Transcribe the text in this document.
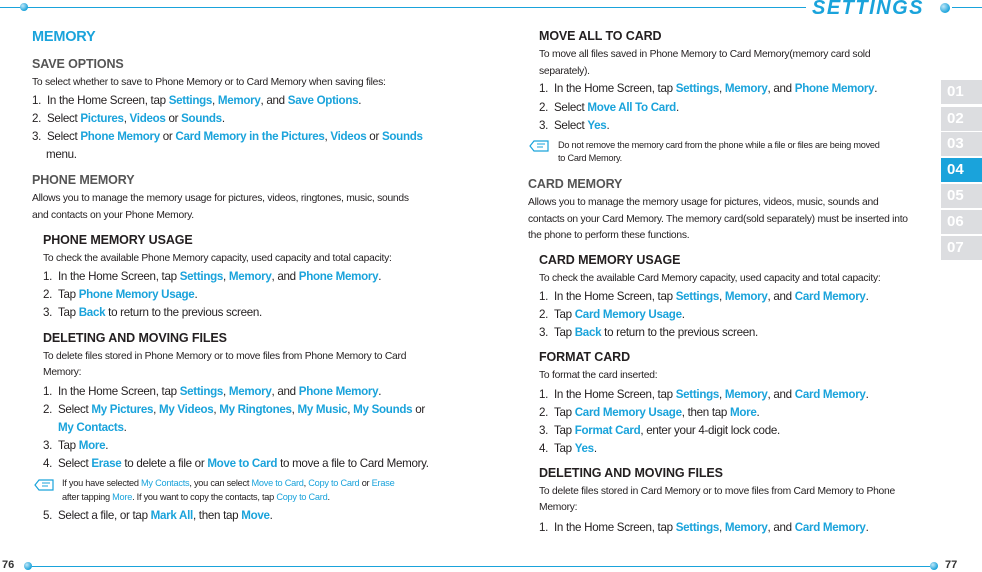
SETTINGS
01
02
03
04
05
06
07
76	77
MEMORY
SAVE OPTIONS
To select whether to save to Phone Memory or to Card Memory when saving files:
1. In the Home Screen, tap Settings, Memory, and Save Options.
2. Select Pictures, Videos or Sounds.
3. Select Phone Memory or Card Memory in the Pictures, Videos or Sounds
menu.
PHONE MEMORY
Allows you to manage the memory usage for pictures, videos, ringtones, music, sounds
and contacts on your Phone Memory.
PHONE MEMORY USAGE
To check the available Phone Memory capacity, used capacity and total capacity:
1. In the Home Screen, tap Settings, Memory, and Phone Memory.
2. Tap Phone Memory Usage.
3. Tap Back to return to the previous screen.
DELETING AND MOVING FILES
To delete files stored in Phone Memory or to move files from Phone Memory to Card
Memory:
1. In the Home Screen, tap Settings, Memory, and Phone Memory.
2. Select My Pictures, My Videos, My Ringtones, My Music, My Sounds or
My Contacts.
3. Tap More.
4. Select Erase to delete a file or Move to Card to move a file to Card Memory.
If you have selected My Contacts, you can select Move to Card, Copy to Card or Erase
after tapping More. If you want to copy the contacts, tap Copy to Card.
5. Select a file, or tap Mark All, then tap Move.
MOVE ALL TO CARD
To move all files saved in Phone Memory to Card Memory(memory card sold
separately).
1. In the Home Screen, tap Settings, Memory, and Phone Memory.
2. Select Move All To Card.
3. Select Yes.
Do not remove the memory card from the phone while a file or files are being moved
to Card Memory.
CARD MEMORY
Allows you to manage the memory usage for pictures, videos, music, sounds and
contacts on your Card Memory. The memory card(sold separately) must be inserted into
the phone to perform these functions.
CARD MEMORY USAGE
To check the available Card Memory capacity, used capacity and total capacity:
1. In the Home Screen, tap Settings, Memory, and Card Memory.
2. Tap Card Memory Usage.
3. Tap Back to return to the previous screen.
FORMAT CARD
To format the card inserted:
1. In the Home Screen, tap Settings, Memory, and Card Memory.
2. Tap Card Memory Usage, then tap More.
3. Tap Format Card, enter your 4-digit lock code.
4. Tap Yes.
DELETING AND MOVING FILES
To delete files stored in Card Memory or to move files from Card Memory to Phone
Memory:
1. In the Home Screen, tap Settings, Memory, and Card Memory.
